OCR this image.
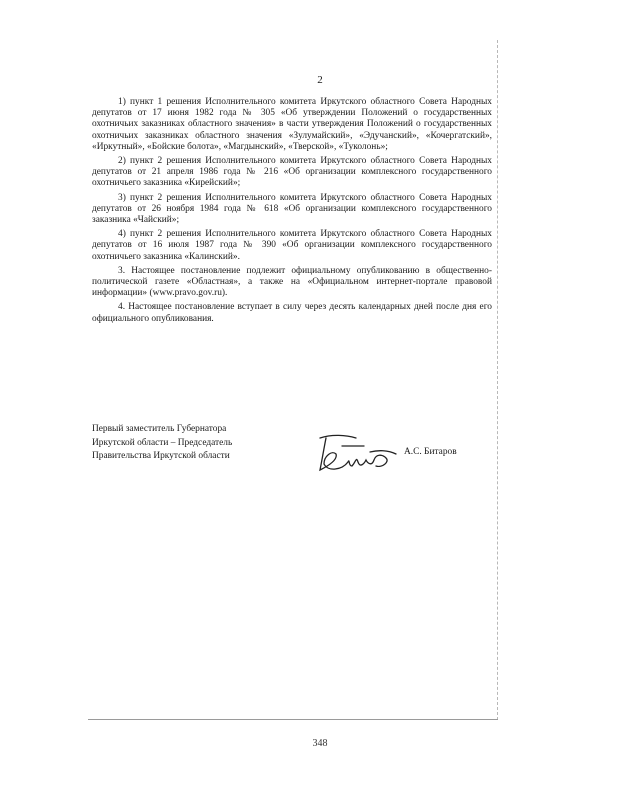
2

1) пункт 1 решения Исполнительного комитета Иркутского областного Совета Народных депутатов от 17 июня 1982 года № 305 «Об утверждении Положений о государственных охотничьих заказниках областного значения» в части утверждения Положений о государственных охотничьих заказниках областного значения «Зулумайский», «Эдучанский», «Кочергатский», «Иркутный», «Бойские болота», «Магдынский», «Тверской», «Туколонь»;

2) пункт 2 решения Исполнительного комитета Иркутского областного Совета Народных депутатов от 21 апреля 1986 года № 216 «Об организации комплексного государственного охотничьего заказника «Кирейский»;

3) пункт 2 решения Исполнительного комитета Иркутского областного Совета Народных депутатов от 26 ноября 1984 года № 618 «Об организации комплексного государственного заказника «Чайский»;

4) пункт 2 решения Исполнительного комитета Иркутского областного Совета Народных депутатов от 16 июля 1987 года № 390 «Об организации комплексного государственного охотничьего заказника «Калинский».

3. Настоящее постановление подлежит официальному опубликованию в общественно-политической газете «Областная», а также на «Официальном интернет-портале правовой информации» (www.pravo.gov.ru).

4. Настоящее постановление вступает в силу через десять календарных дней после дня его официального опубликования.

Первый заместитель Губернатора
Иркутской области – Председатель
Правительства Иркутской области	А.С. Битаров
348
